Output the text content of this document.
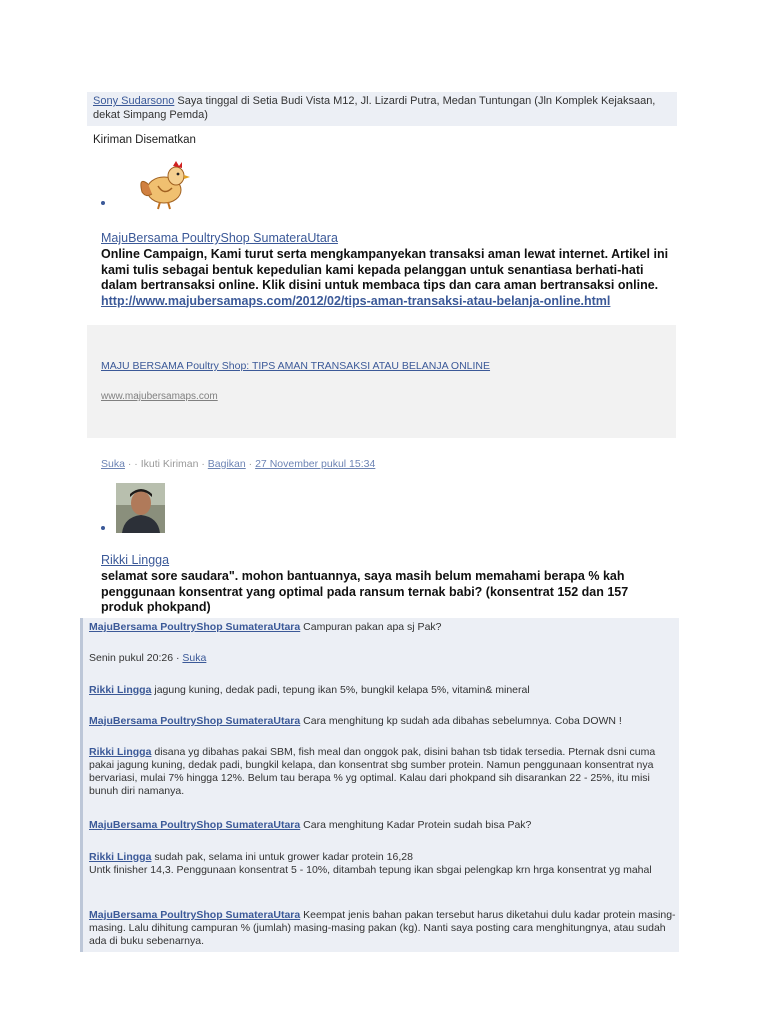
Sony Sudarsono Saya tinggal di Setia Budi Vista M12, Jl. Lizardi Putra, Medan Tuntungan (Jln Komplek Kejaksaan, dekat Simpang Pemda)
Kiriman Disematkan
MajuBersama PoultryShop SumateraUtara
Online Campaign, Kami turut serta mengkampanyekan transaksi aman lewat internet. Artikel ini kami tulis sebagai bentuk kepedulian kami kepada pelanggan untuk senantiasa berhati-hati dalam bertransaksi online. Klik disini untuk membaca tips dan cara aman bertransaksi online.
http://www.majubersamaps.com/2012/02/tips-aman-transaksi-atau-belanja-online.html
MAJU BERSAMA Poultry Shop: TIPS AMAN TRANSAKSI ATAU BELANJA ONLINE
www.majubersamaps.com
Suka · · Ikuti Kiriman · Bagikan · 27 November pukul 15:34
Rikki Lingga
selamat sore saudara". mohon bantuannya, saya masih belum memahami berapa % kah penggunaan konsentrat yang optimal pada ransum ternak babi? (konsentrat 152 dan 157 produk phokpand)
MajuBersama PoultryShop SumateraUtara Campuran pakan apa sj Pak?
Senin pukul 20:26 · Suka
Rikki Lingga jagung kuning, dedak padi, tepung ikan 5%, bungkil kelapa 5%, vitamin& mineral
MajuBersama PoultryShop SumateraUtara Cara menghitung kp sudah ada dibahas sebelumnya. Coba DOWN !
Rikki Lingga disana yg dibahas pakai SBM, fish meal dan onggok pak, disini bahan tsb tidak tersedia. Pternak dsni cuma pakai jagung kuning, dedak padi, bungkil kelapa, dan konsentrat sbg sumber protein. Namun penggunaan konsentrat nya bervariasi, mulai 7% hingga 12%. Belum tau berapa % yg optimal. Kalau dari phokpand sih disarankan 22 - 25%, itu misi bunuh diri namanya.
MajuBersama PoultryShop SumateraUtara Cara menghitung Kadar Protein sudah bisa Pak?
Rikki Lingga sudah pak, selama ini untuk grower kadar protein 16,28
Untk finisher 14,3. Penggunaan konsentrat 5 - 10%, ditambah tepung ikan sbgai pelengkap krn hrga konsentrat yg mahal
MajuBersama PoultryShop SumateraUtara Keempat jenis bahan pakan tersebut harus diketahui dulu kadar protein masing-masing. Lalu dihitung campuran % (jumlah) masing-masing pakan (kg). Nanti saya posting cara menghitungnya, atau sudah ada di buku sebenarnya.
